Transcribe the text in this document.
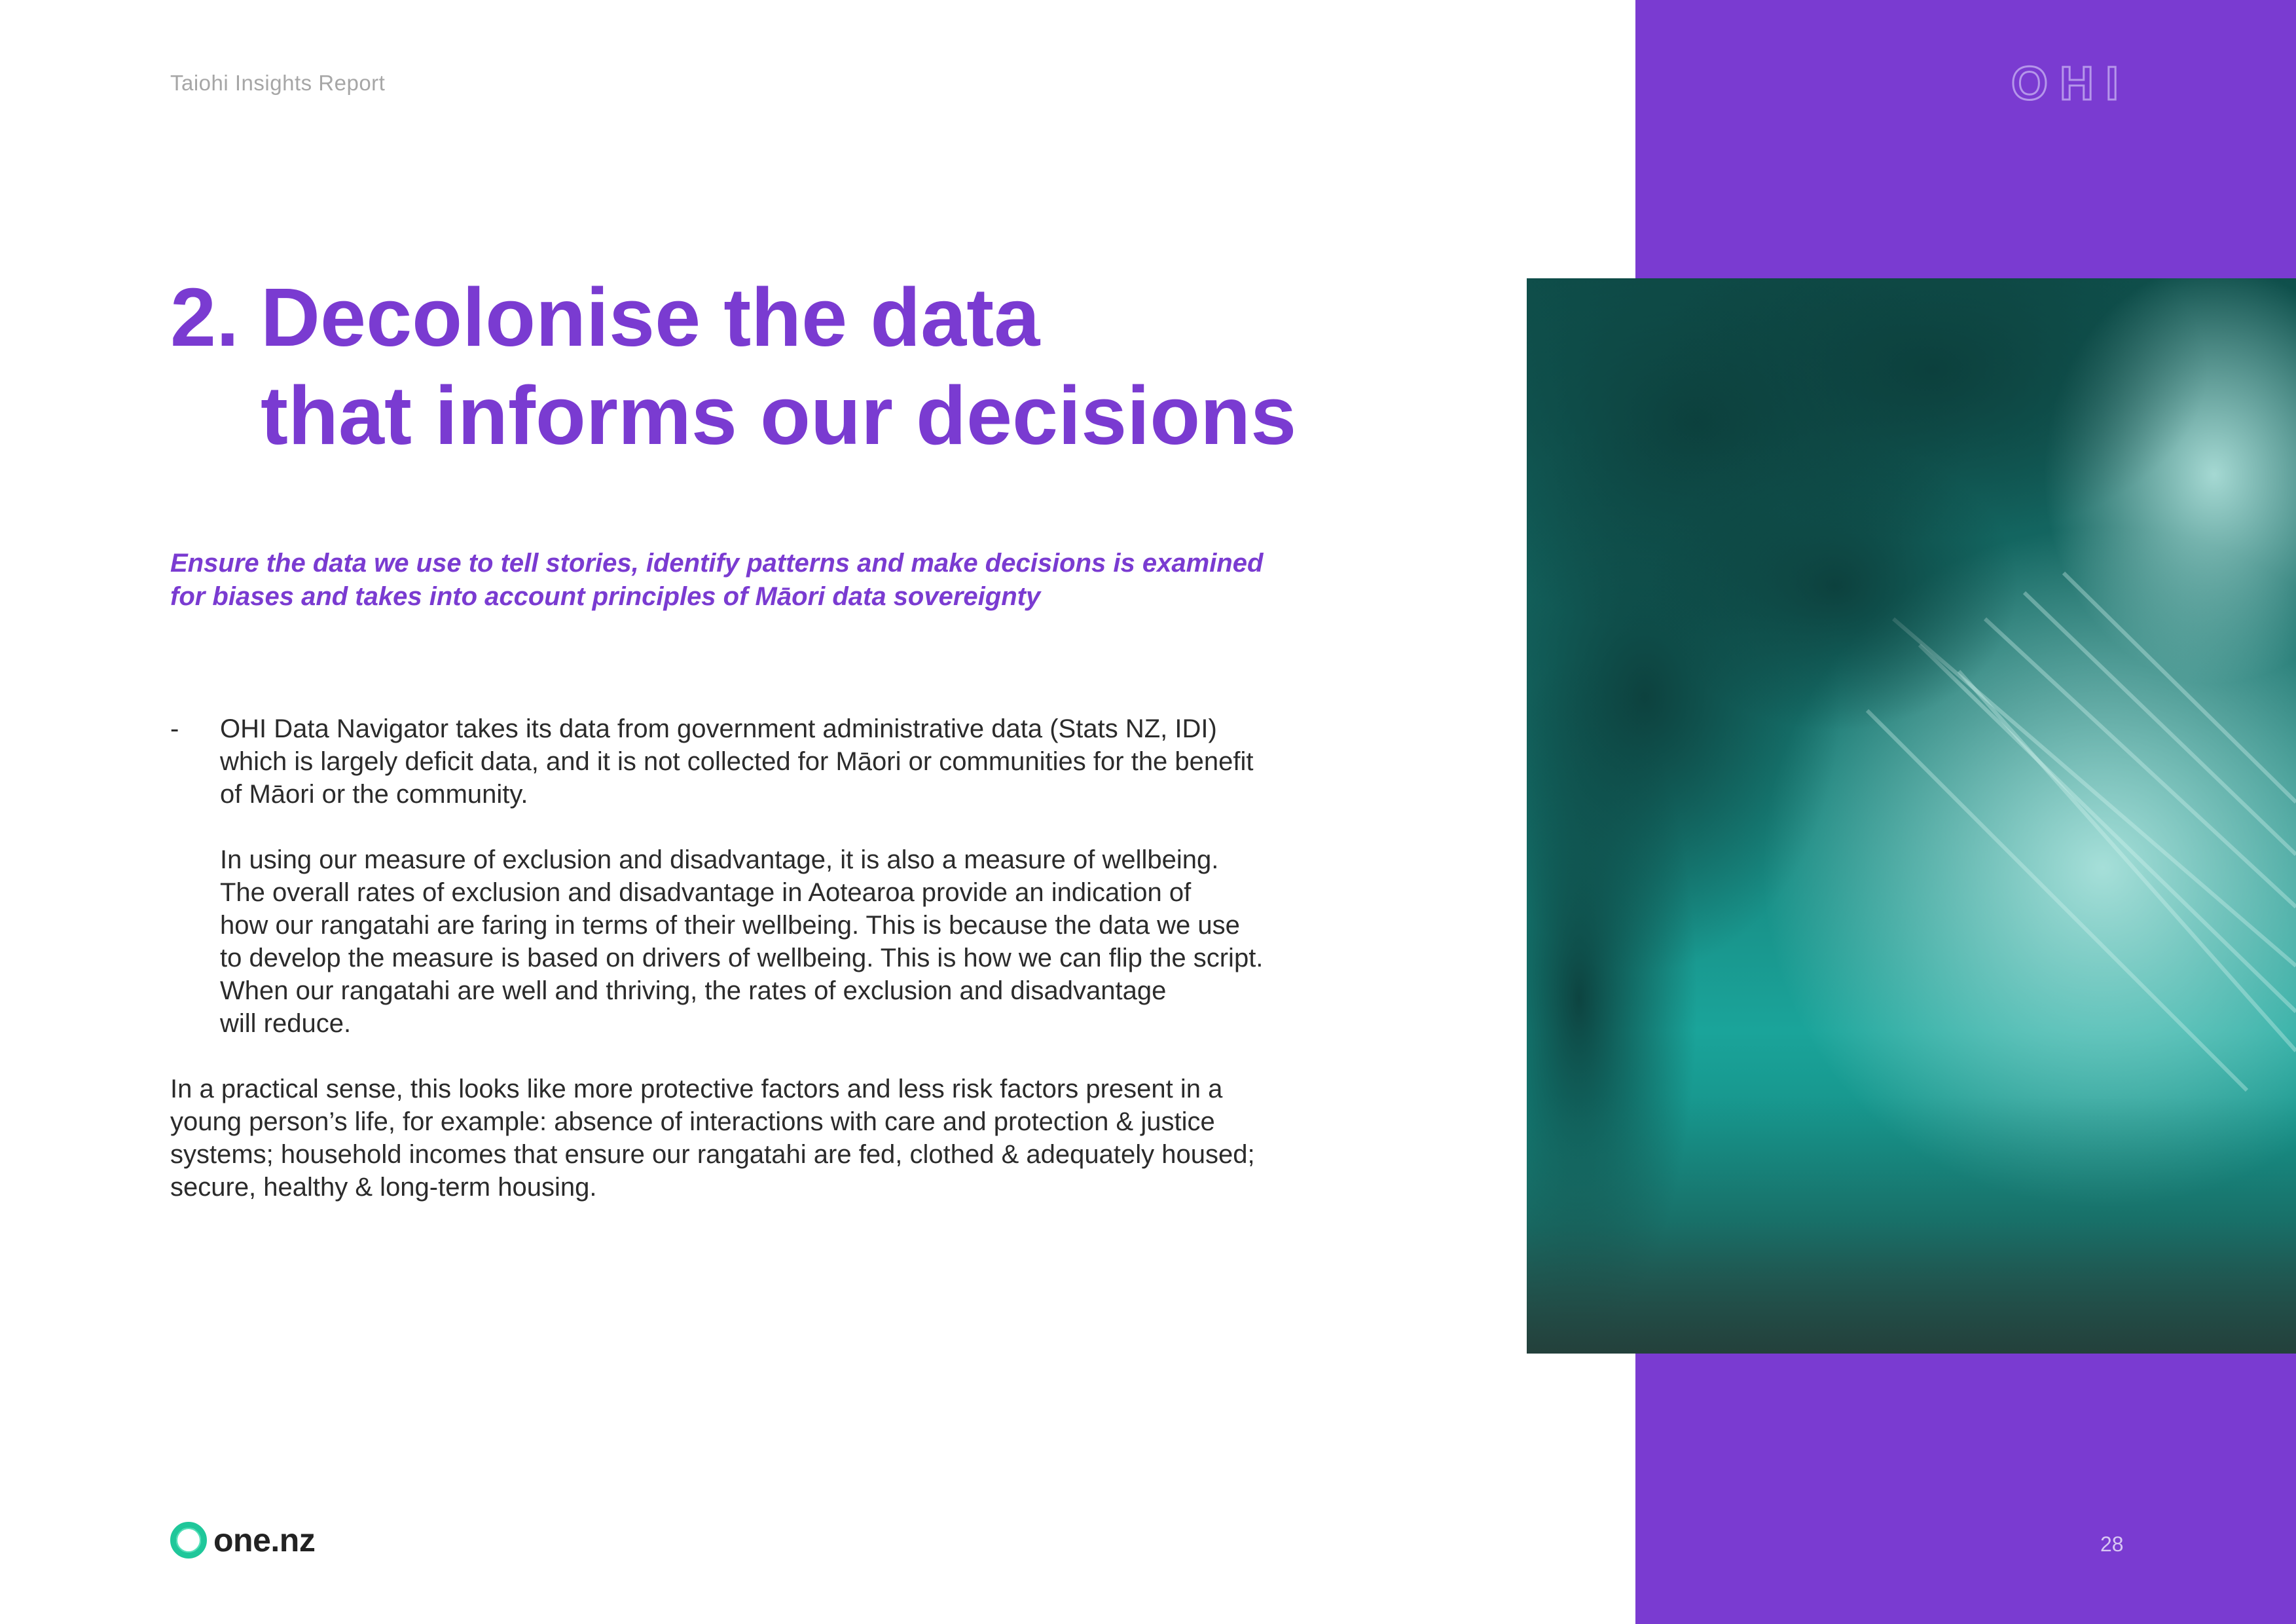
Taiohi Insights Report	OHI
2. Decolonise the data
that informs our decisions

Ensure the data we use to tell stories, identify patterns and make decisions is examined
for biases and takes into account principles of Māori data sovereignty

- OHI Data Navigator takes its data from government administrative data (Stats NZ, IDI)
which is largely deficit data, and it is not collected for Māori or communities for the benefit
of Māori or the community.

In using our measure of exclusion and disadvantage, it is also a measure of wellbeing.
The overall rates of exclusion and disadvantage in Aotearoa provide an indication of
how our rangatahi are faring in terms of their wellbeing. This is because the data we use
to develop the measure is based on drivers of wellbeing. This is how we can flip the script.
When our rangatahi are well and thriving, the rates of exclusion and disadvantage
will reduce.

In a practical sense, this looks like more protective factors and less risk factors present in a
young person’s life, for example: absence of interactions with care and protection & justice
systems; household incomes that ensure our rangatahi are fed, clothed & adequately housed;
secure, healthy & long-term housing.

one.nz	28
